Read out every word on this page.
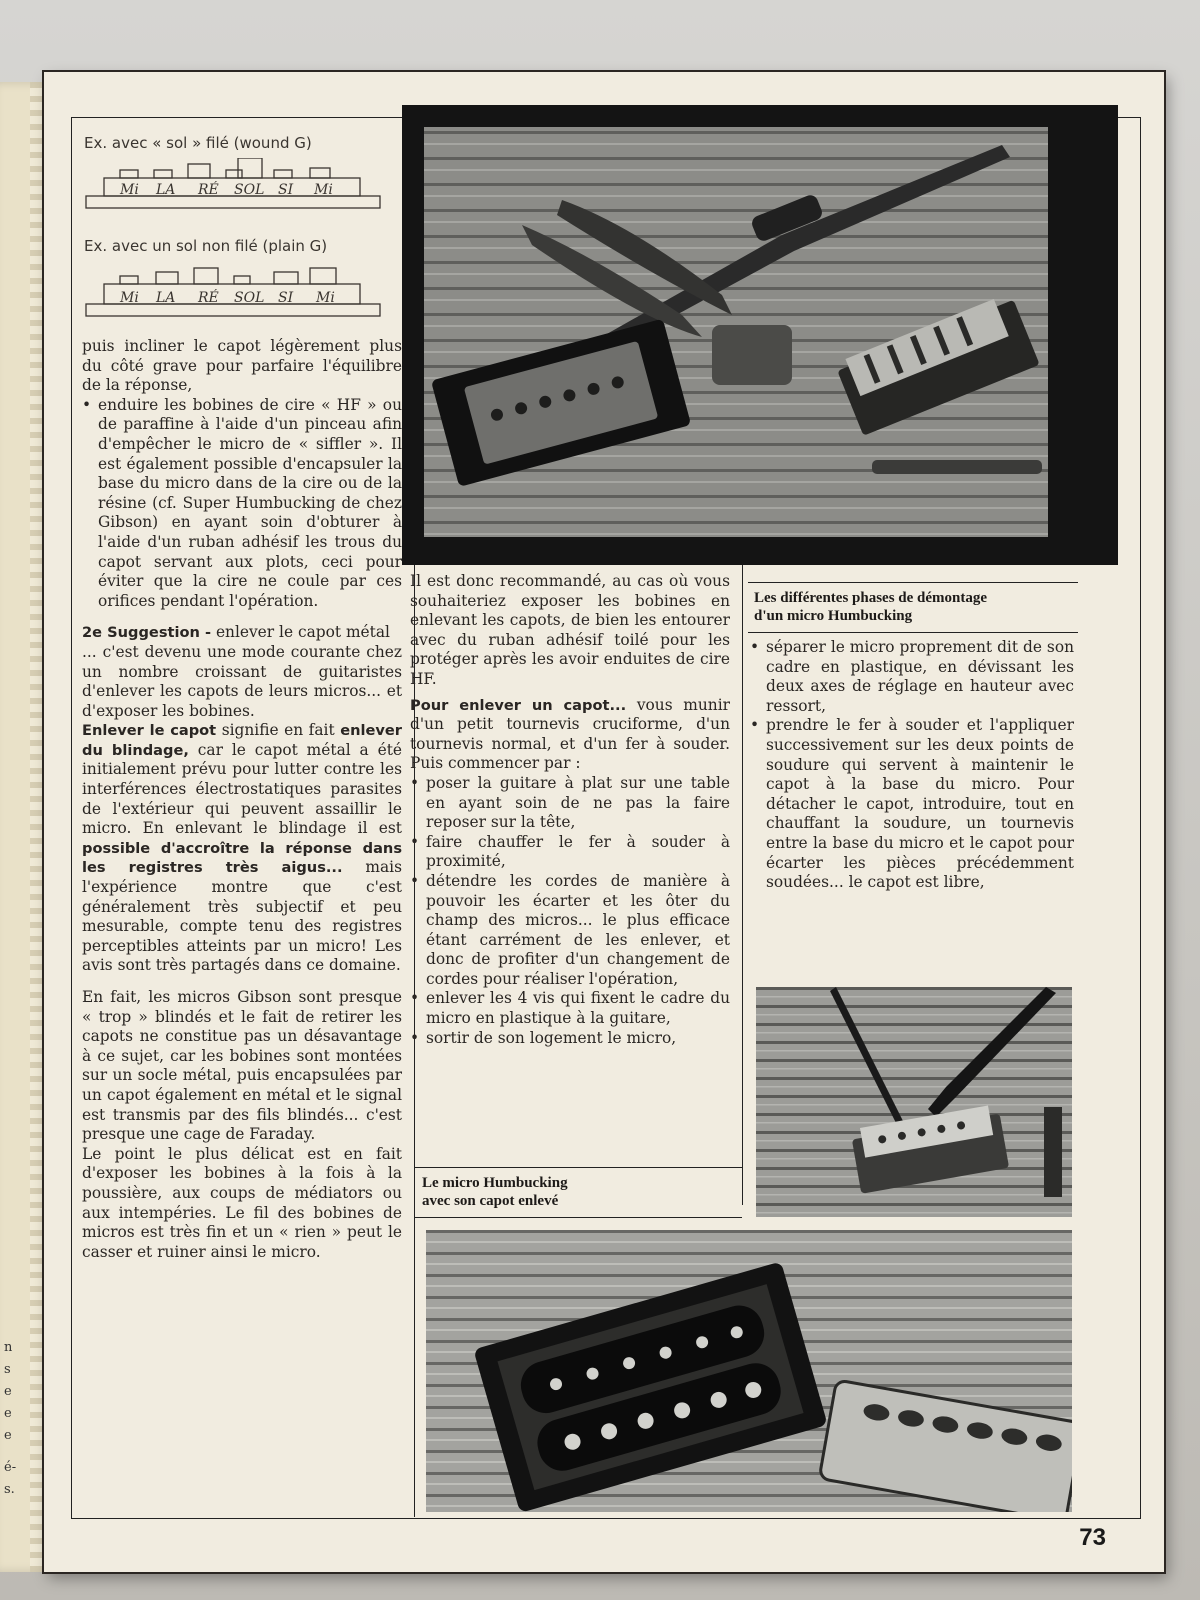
n
s
e
e
e
é-
s.
Ex. avec « sol » filé (wound G)
Mi LA RÉ SOL SI Mi
Ex. avec un sol non filé (plain G)
Mi LA RÉ SOL SI Mi

puis incliner le capot légèrement plus du côté grave pour parfaire l'équilibre de la réponse,

• enduire les bobines de cire « HF » ou de paraffine à l'aide d'un pinceau afin d'empêcher le micro de « siffler ». Il est également possible d'encapsuler la base du micro dans de la cire ou de la résine (cf. Super Humbucking de chez Gibson) en ayant soin d'obturer à l'aide d'un ruban adhésif les trous du capot servant aux plots, ceci pour éviter que la cire ne coule par ces orifices pendant l'opération.

2e Suggestion - enlever le capot métal

... c'est devenu une mode courante chez un nombre croissant de guitaristes d'enlever les capots de leurs micros... et d'exposer les bobines.

Enlever le capot signifie en fait enlever du blindage, car le capot métal a été initialement prévu pour lutter contre les interférences électrostatiques parasites de l'extérieur qui peuvent assaillir le micro. En enlevant le blindage il est possible d'accroître la réponse dans les registres très aigus... mais l'expérience montre que c'est généralement très subjectif et peu mesurable, compte tenu des registres perceptibles atteints par un micro! Les avis sont très partagés dans ce domaine.

En fait, les micros Gibson sont presque « trop » blindés et le fait de retirer les capots ne constitue pas un désavantage à ce sujet, car les bobines sont montées sur un socle métal, puis encapsulées par un capot également en métal et le signal est transmis par des fils blindés... c'est presque une cage de Faraday.

Le point le plus délicat est en fait d'exposer les bobines à la fois à la poussière, aux coups de médiators ou aux intempéries. Le fil des bobines de micros est très fin et un « rien » peut le casser et ruiner ainsi le micro.

Il est donc recommandé, au cas où vous souhaiteriez exposer les bobines en enlevant les capots, de bien les entourer avec du ruban adhésif toilé pour les protéger après les avoir enduites de cire HF.

Pour enlever un capot... vous munir d'un petit tournevis cruciforme, d'un tournevis normal, et d'un fer à souder. Puis commencer par :

• poser la guitare à plat sur une table en ayant soin de ne pas la faire reposer sur la tête,

• faire chauffer le fer à souder à proximité,

• détendre les cordes de manière à pouvoir les écarter et les ôter du champ des micros... le plus efficace étant carrément de les enlever, et donc de profiter d'un changement de cordes pour réaliser l'opération,

• enlever les 4 vis qui fixent le cadre du micro en plastique à la guitare,

• sortir de son logement le micro,

Le micro Humbucking
avec son capot enlevé
Les différentes phases de démontage
d'un micro Humbucking

• séparer le micro proprement dit de son cadre en plastique, en dévissant les deux axes de réglage en hauteur avec ressort,

• prendre le fer à souder et l'appliquer successivement sur les deux points de soudure qui servent à maintenir le capot à la base du micro. Pour détacher le capot, introduire, tout en chauffant la soudure, un tournevis entre la base du micro et le capot pour écarter les pièces précédemment soudées... le capot est libre,

73
